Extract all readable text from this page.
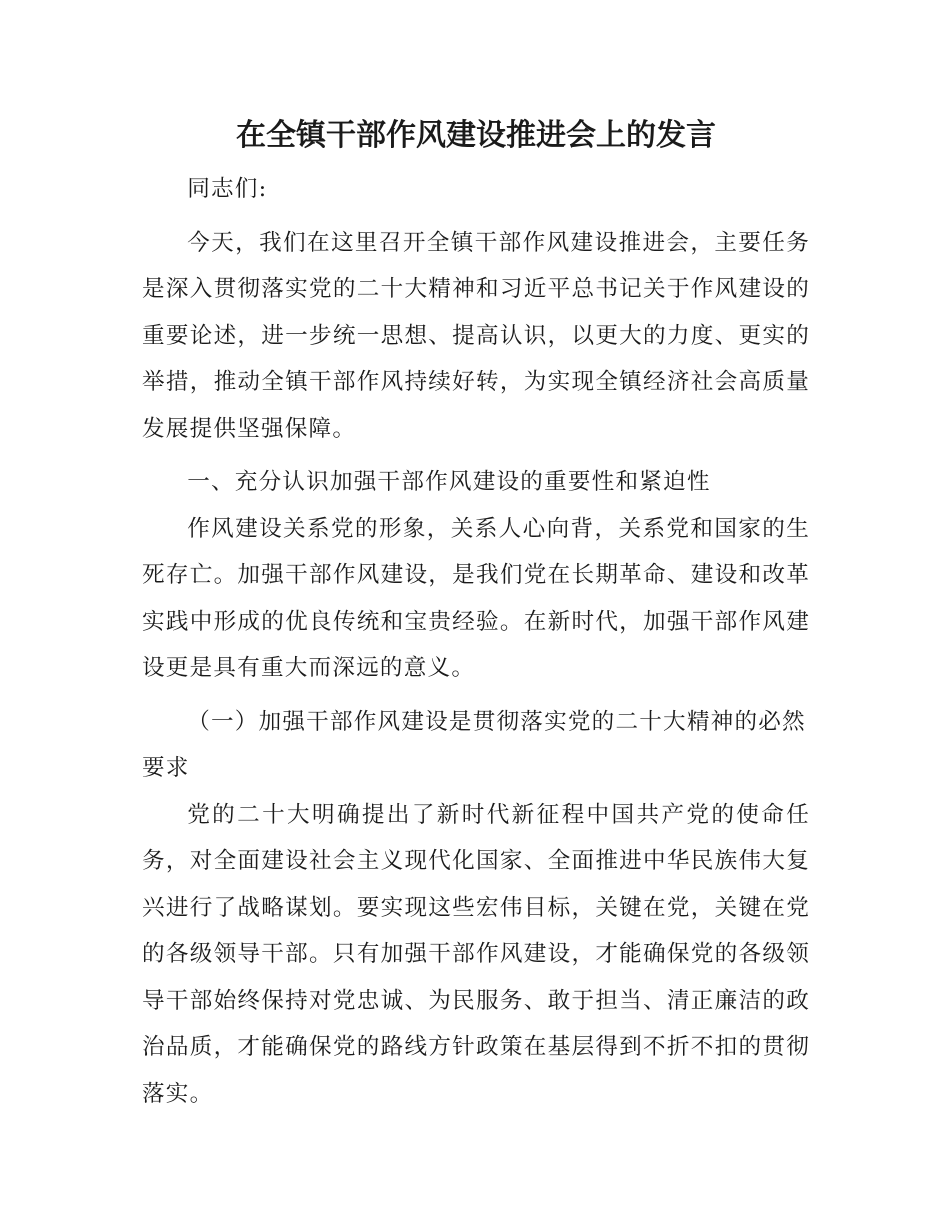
在全镇干部作风建设推进会上的发言

同志们:

今天，我们在这里召开全镇干部作风建设推进会，主要任务是深入贯彻落实党的二十大精神和习近平总书记关于作风建设的重要论述，进一步统一思想、提高认识，以更大的力度、更实的举措，推动全镇干部作风持续好转，为实现全镇经济社会高质量发展提供坚强保障。

一、充分认识加强干部作风建设的重要性和紧迫性

作风建设关系党的形象，关系人心向背，关系党和国家的生死存亡。加强干部作风建设，是我们党在长期革命、建设和改革实践中形成的优良传统和宝贵经验。在新时代，加强干部作风建设更是具有重大而深远的意义。

（一）加强干部作风建设是贯彻落实党的二十大精神的必然要求

党的二十大明确提出了新时代新征程中国共产党的使命任务，对全面建设社会主义现代化国家、全面推进中华民族伟大复兴进行了战略谋划。要实现这些宏伟目标，关键在党，关键在党的各级领导干部。只有加强干部作风建设，才能确保党的各级领导干部始终保持对党忠诚、为民服务、敢于担当、清正廉洁的政治品质，才能确保党的路线方针政策在基层得到不折不扣的贯彻落实。
